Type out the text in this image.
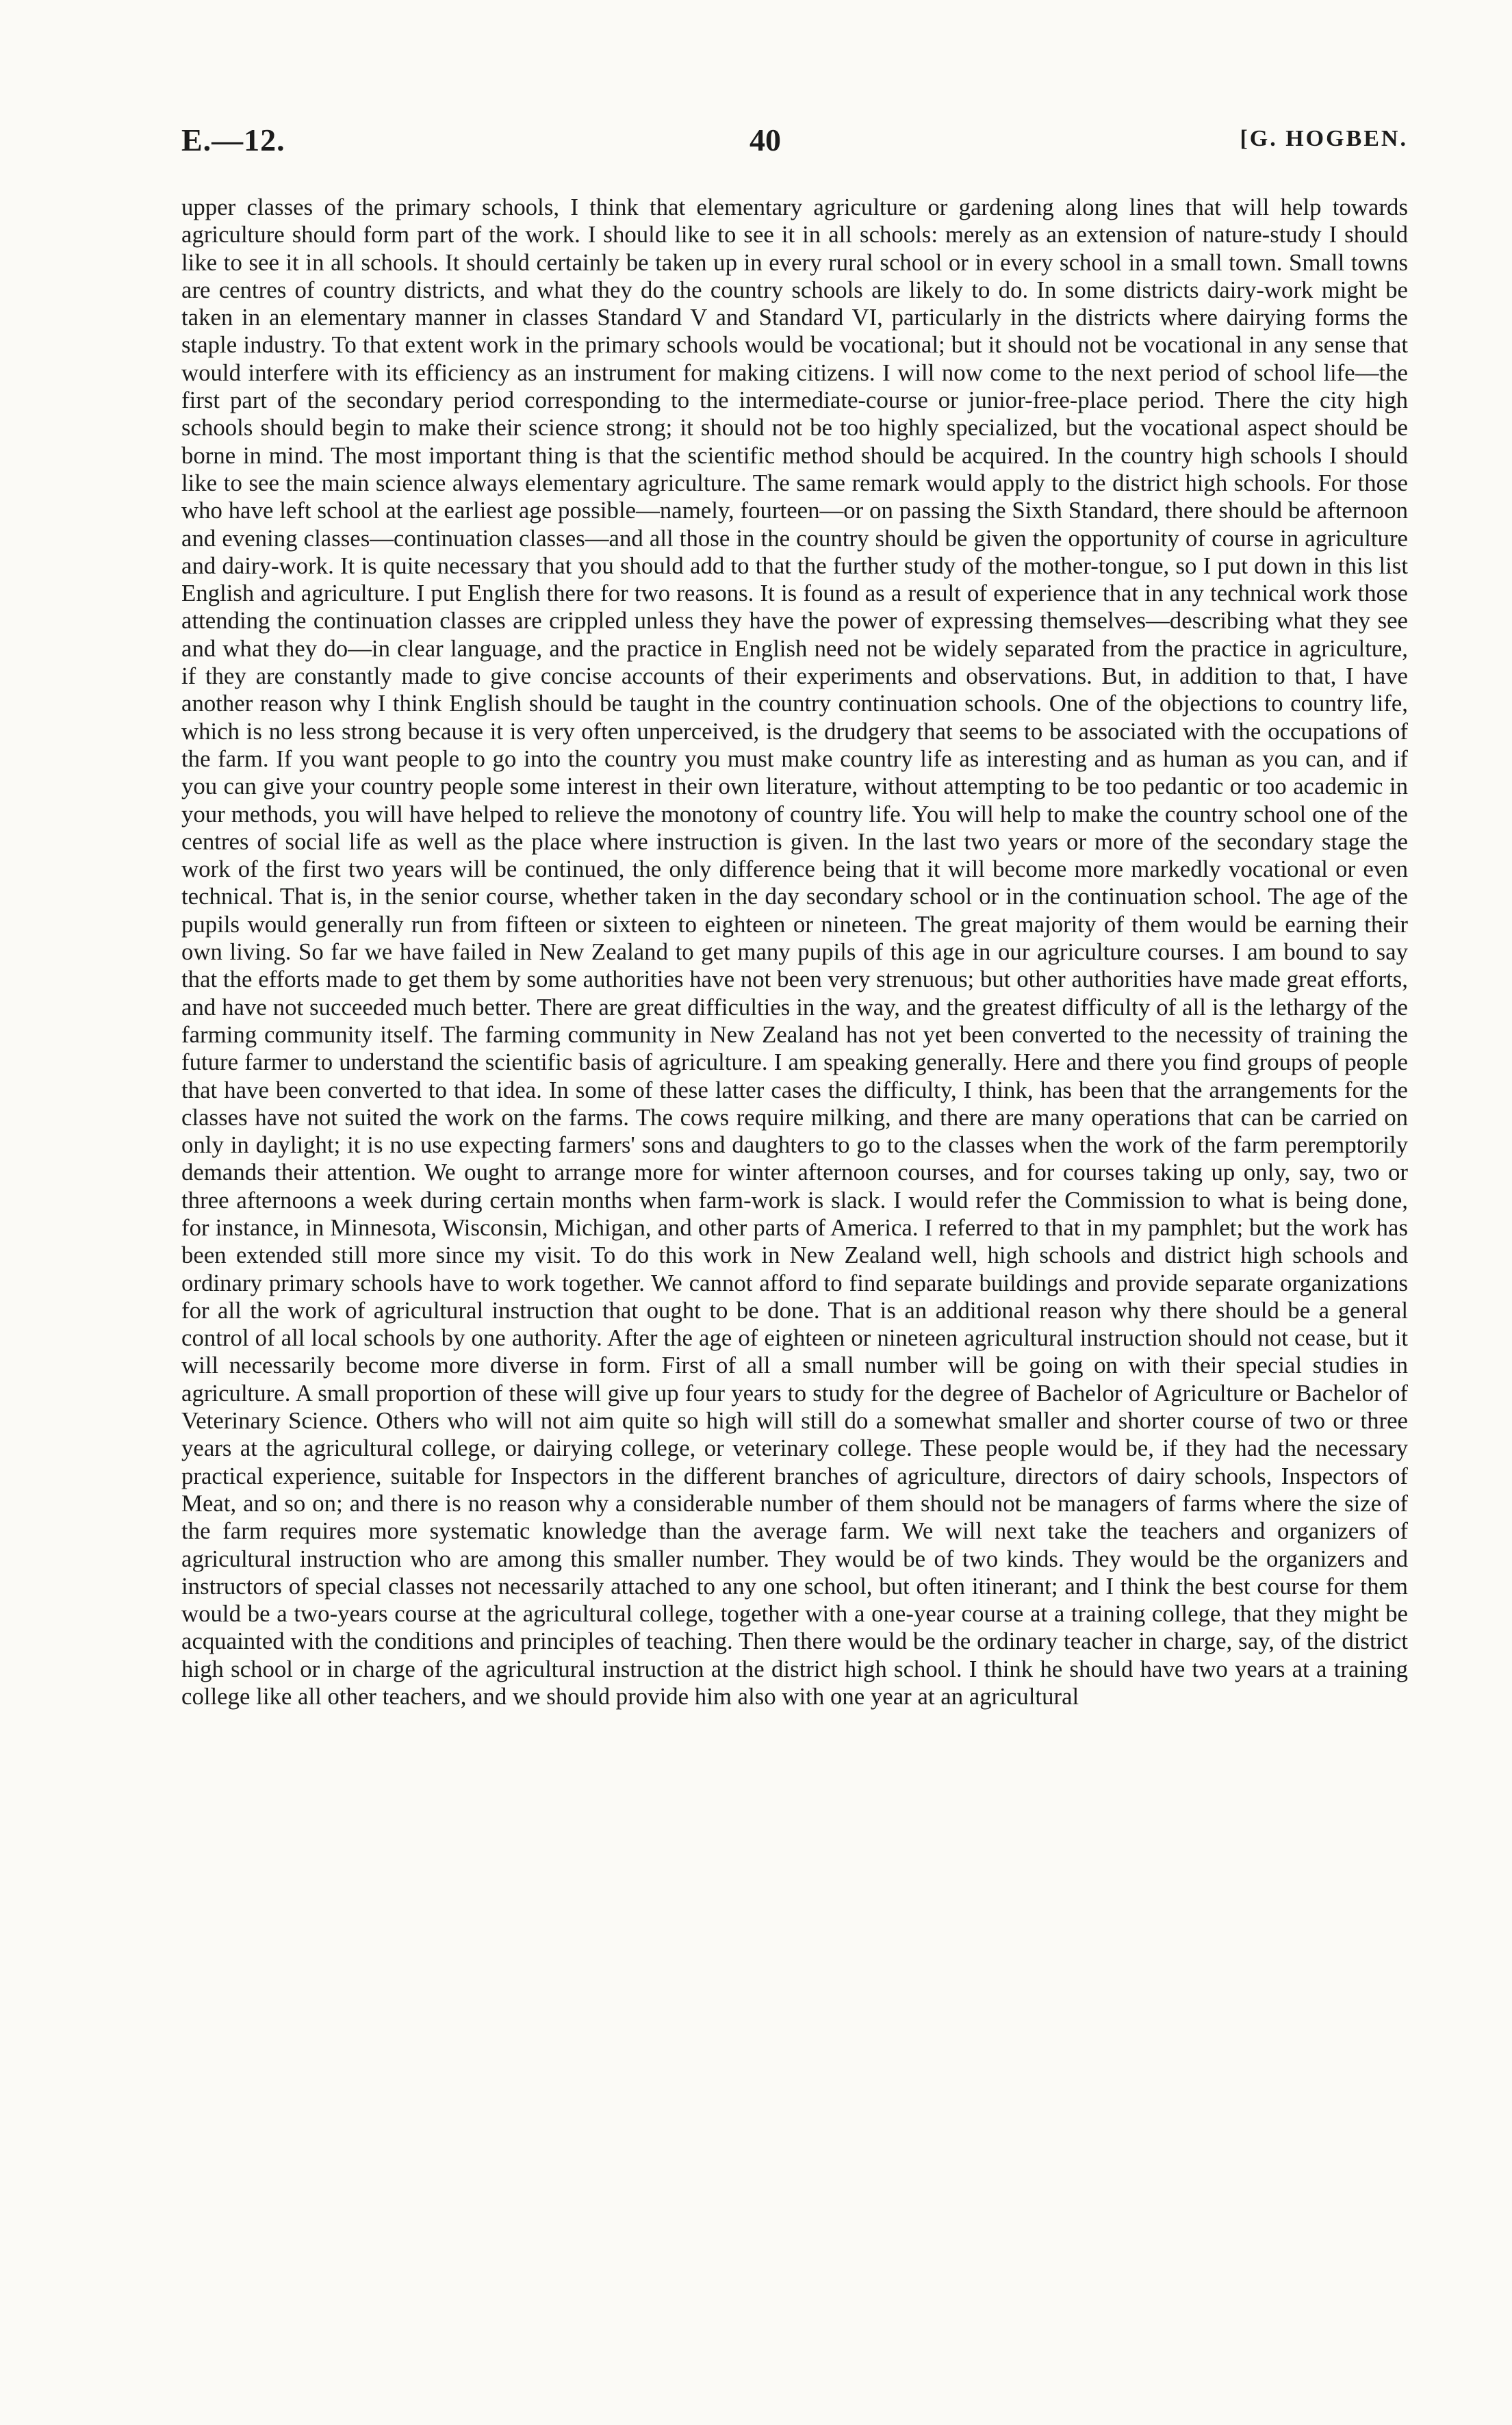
E.—12.	40	[G. HOGBEN.

upper classes of the primary schools, I think that elementary agriculture or gardening along lines that will help towards agriculture should form part of the work. I should like to see it in all schools: merely as an extension of nature-study I should like to see it in all schools. It should certainly be taken up in every rural school or in every school in a small town. Small towns are centres of country districts, and what they do the country schools are likely to do. In some districts dairy-work might be taken in an elementary manner in classes Standard V and Standard VI, particularly in the districts where dairying forms the staple industry. To that extent work in the primary schools would be vocational; but it should not be vocational in any sense that would interfere with its efficiency as an instrument for making citizens. I will now come to the next period of school life—the first part of the secondary period corresponding to the intermediate-course or junior-free-place period. There the city high schools should begin to make their science strong; it should not be too highly specialized, but the vocational aspect should be borne in mind. The most important thing is that the scientific method should be acquired. In the country high schools I should like to see the main science always elementary agriculture. The same remark would apply to the district high schools. For those who have left school at the earliest age possible—namely, fourteen—or on passing the Sixth Standard, there should be afternoon and evening classes—continuation classes—and all those in the country should be given the opportunity of course in agriculture and dairy-work. It is quite necessary that you should add to that the further study of the mother-tongue, so I put down in this list English and agriculture. I put English there for two reasons. It is found as a result of experience that in any technical work those attending the continuation classes are crippled unless they have the power of expressing themselves—describing what they see and what they do—in clear language, and the practice in English need not be widely separated from the practice in agriculture, if they are constantly made to give concise accounts of their experiments and observations. But, in addition to that, I have another reason why I think English should be taught in the country continuation schools. One of the objections to country life, which is no less strong because it is very often unperceived, is the drudgery that seems to be associated with the occupations of the farm. If you want people to go into the country you must make country life as interesting and as human as you can, and if you can give your country people some interest in their own literature, without attempting to be too pedantic or too academic in your methods, you will have helped to relieve the monotony of country life. You will help to make the country school one of the centres of social life as well as the place where instruction is given. In the last two years or more of the secondary stage the work of the first two years will be continued, the only difference being that it will become more markedly vocational or even technical. That is, in the senior course, whether taken in the day secondary school or in the continuation school. The age of the pupils would generally run from fifteen or sixteen to eighteen or nineteen. The great majority of them would be earning their own living. So far we have failed in New Zealand to get many pupils of this age in our agriculture courses. I am bound to say that the efforts made to get them by some authorities have not been very strenuous; but other authorities have made great efforts, and have not succeeded much better. There are great difficulties in the way, and the greatest difficulty of all is the lethargy of the farming community itself. The farming community in New Zealand has not yet been converted to the necessity of training the future farmer to understand the scientific basis of agriculture. I am speaking generally. Here and there you find groups of people that have been converted to that idea. In some of these latter cases the difficulty, I think, has been that the arrangements for the classes have not suited the work on the farms. The cows require milking, and there are many operations that can be carried on only in daylight; it is no use expecting farmers' sons and daughters to go to the classes when the work of the farm peremptorily demands their attention. We ought to arrange more for winter afternoon courses, and for courses taking up only, say, two or three afternoons a week during certain months when farm-work is slack. I would refer the Commission to what is being done, for instance, in Minnesota, Wisconsin, Michigan, and other parts of America. I referred to that in my pamphlet; but the work has been extended still more since my visit. To do this work in New Zealand well, high schools and district high schools and ordinary primary schools have to work together. We cannot afford to find separate buildings and provide separate organizations for all the work of agricultural instruction that ought to be done. That is an additional reason why there should be a general control of all local schools by one authority. After the age of eighteen or nineteen agricultural instruction should not cease, but it will necessarily become more diverse in form. First of all a small number will be going on with their special studies in agriculture. A small proportion of these will give up four years to study for the degree of Bachelor of Agriculture or Bachelor of Veterinary Science. Others who will not aim quite so high will still do a somewhat smaller and shorter course of two or three years at the agricultural college, or dairying college, or veterinary college. These people would be, if they had the necessary practical experience, suitable for Inspectors in the different branches of agriculture, directors of dairy schools, Inspectors of Meat, and so on; and there is no reason why a considerable number of them should not be managers of farms where the size of the farm requires more systematic knowledge than the average farm. We will next take the teachers and organizers of agricultural instruction who are among this smaller number. They would be of two kinds. They would be the organizers and instructors of special classes not necessarily attached to any one school, but often itinerant; and I think the best course for them would be a two-years course at the agricultural college, together with a one-year course at a training college, that they might be acquainted with the conditions and principles of teaching. Then there would be the ordinary teacher in charge, say, of the district high school or in charge of the agricultural instruction at the district high school. I think he should have two years at a training college like all other teachers, and we should provide him also with one year at an agricultural
